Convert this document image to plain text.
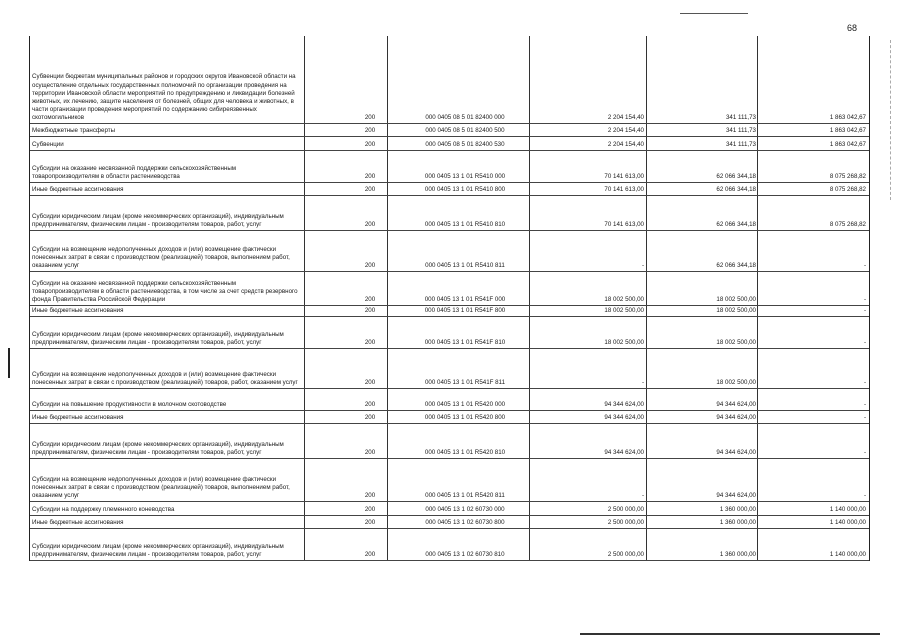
68
Субвенции бюджетам муниципальных районов и городских округов Ивановской области на осуществление отдельных государственных полномочий по организации проведения на территории Ивановской области мероприятий по предупреждению и ликвидации болезней животных, их лечению, защите населения от болезней, общих для человека и животных, в части организации проведения мероприятий по содержанию сибиреязвенных скотомогильников	200	000 0405 08 5 01 82400 000	2 204 154,40	341 111,73	1 863 042,67
Межбюджетные трансферты	200	000 0405 08 5 01 82400 500	2 204 154,40	341 111,73	1 863 042,67
Субвенции	200	000 0405 08 5 01 82400 530	2 204 154,40	341 111,73	1 863 042,67
Субсидии на оказание несвязанной поддержки сельскохозяйственным товаропроизводителям в области растениеводства	200	000 0405 13 1 01 R5410 000	70 141 613,00	62 066 344,18	8 075 268,82
Иные бюджетные ассигнования	200	000 0405 13 1 01 R5410 800	70 141 613,00	62 066 344,18	8 075 268,82
Субсидии юридическим лицам (кроме некоммерческих организаций), индивидуальным предпринимателям, физическим лицам - производителям товаров, работ, услуг	200	000 0405 13 1 01 R5410 810	70 141 613,00	62 066 344,18	8 075 268,82
Субсидии на возмещение недополученных доходов и (или) возмещение фактически понесенных затрат в связи с производством (реализацией) товаров, выполнением работ, оказанием услуг	200	000 0405 13 1 01 R5410 811	-	62 066 344,18	-
Субсидии на оказание несвязанной поддержки сельскохозяйственным товаропроизводителям в области растениеводства, в том числе за счет средств резервного фонда Правительства Российской Федерации	200	000 0405 13 1 01 R541F 000	18 002 500,00	18 002 500,00	-
Иные бюджетные ассигнования	200	000 0405 13 1 01 R541F 800	18 002 500,00	18 002 500,00	-
Субсидии юридическим лицам (кроме некоммерческих организаций), индивидуальным предпринимателям, физическим лицам - производителям товаров, работ, услуг	200	000 0405 13 1 01 R541F 810	18 002 500,00	18 002 500,00	-
Субсидии на возмещение недополученных доходов и (или) возмещение фактически понесенных затрат в связи с производством (реализацией) товаров, работ, оказанием услуг	200	000 0405 13 1 01 R541F 811	-	18 002 500,00	-
Субсидии на повышение продуктивности в молочном скотоводстве	200	000 0405 13 1 01 R5420 000	94 344 624,00	94 344 624,00	-
Иные бюджетные ассигнования	200	000 0405 13 1 01 R5420 800	94 344 624,00	94 344 624,00	-
Субсидии юридическим лицам (кроме некоммерческих организаций), индивидуальным предпринимателям, физическим лицам - производителям товаров, работ, услуг	200	000 0405 13 1 01 R5420 810	94 344 624,00	94 344 624,00	-
Субсидии на возмещение недополученных доходов и (или) возмещение фактически понесенных затрат в связи с производством (реализацией) товаров, выполнением работ, оказанием услуг	200	000 0405 13 1 01 R5420 811	-	94 344 624,00	-
Субсидии на поддержку племенного коневодства	200	000 0405 13 1 02 60730 000	2 500 000,00	1 360 000,00	1 140 000,00
Иные бюджетные ассигнования	200	000 0405 13 1 02 60730 800	2 500 000,00	1 360 000,00	1 140 000,00
Субсидии юридическим лицам (кроме некоммерческих организаций), индивидуальным предпринимателям, физическим лицам - производителям товаров, работ, услуг	200	000 0405 13 1 02 60730 810	2 500 000,00	1 360 000,00	1 140 000,00
